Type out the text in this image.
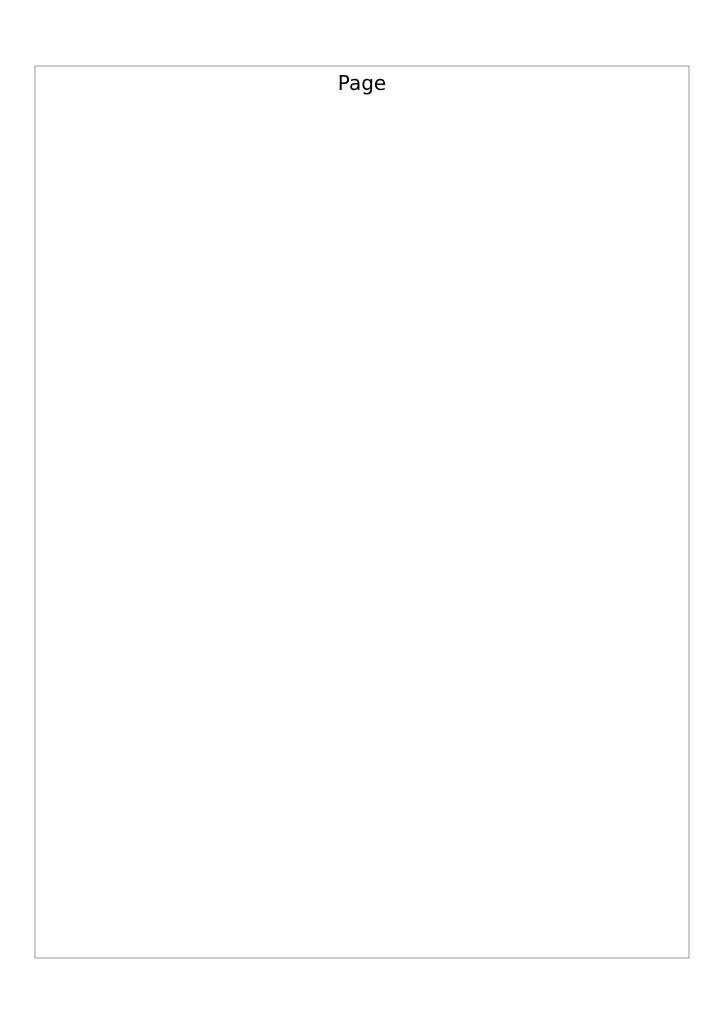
Page
